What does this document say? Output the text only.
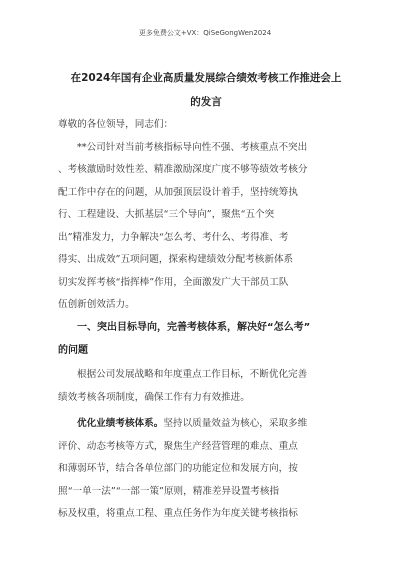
更多免费公文+VX：QiSeGongWen2024
在2024年国有企业高质量发展综合绩效考核工作推进会上
的发言
尊敬的各位领导，同志们：
**公司针对当前考核指标导向性不强、考核重点不突出
、考核激励时效性差、精准激励深度广度不够等绩效考核分
配工作中存在的问题，从加强顶层设计着手，坚持统筹执
行、工程建设、大抓基层“三个导向”，聚焦“五个突
出”精准发力，力争解决“怎么考、考什么、考得准、考
得实、出成效”五项问题，探索构建绩效分配考核新体系
切实发挥考核“指挥棒”作用，全面激发广大干部员工队
伍创新创效活力。
一、突出目标导向，完善考核体系，解决好“怎么考”
的问题
根据公司发展战略和年度重点工作目标，不断优化完善
绩效考核各项制度，确保工作有力有效推进。
优化业绩考核体系。坚持以质量效益为核心，采取多维
评价、动态考核等方式，聚焦生产经营管理的难点、重点
和薄弱环节，结合各单位部门的功能定位和发展方向，按
照“一单一法”“一部一策”原则，精准差异设置考核指
标及权重，将重点工程、重点任务作为年度关键考核指标
